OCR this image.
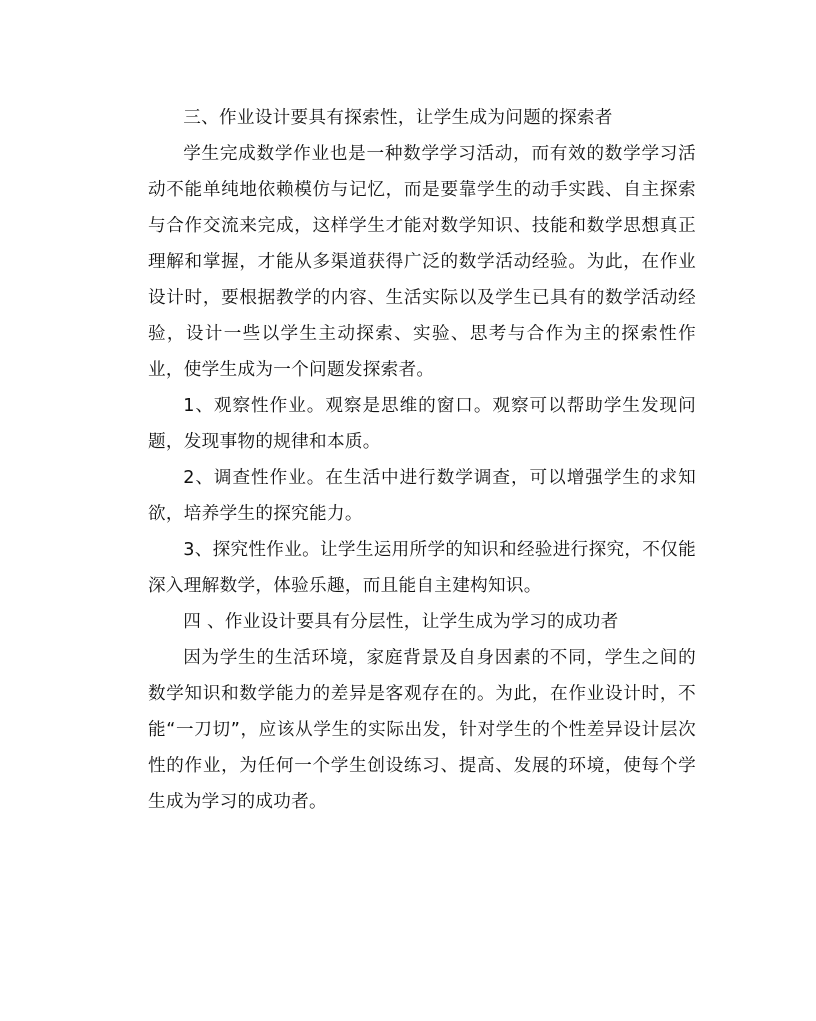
三、作业设计要具有探索性，让学生成为问题的探索者

学生完成数学作业也是一种数学学习活动，而有效的数学学习活动不能单纯地依赖模仿与记忆，而是要靠学生的动手实践、自主探索与合作交流来完成，这样学生才能对数学知识、技能和数学思想真正理解和掌握，才能从多渠道获得广泛的数学活动经验。为此，在作业设计时，要根据教学的内容、生活实际以及学生已具有的数学活动经验，设计一些以学生主动探索、实验、思考与合作为主的探索性作业，使学生成为一个问题发探索者。

1、观察性作业。观察是思维的窗口。观察可以帮助学生发现问题，发现事物的规律和本质。

2、调查性作业。在生活中进行数学调查，可以增强学生的求知欲，培养学生的探究能力。

3、探究性作业。让学生运用所学的知识和经验进行探究，不仅能深入理解数学，体验乐趣，而且能自主建构知识。

四 、作业设计要具有分层性，让学生成为学习的成功者

因为学生的生活环境，家庭背景及自身因素的不同，学生之间的数学知识和数学能力的差异是客观存在的。为此，在作业设计时，不能“一刀切”，应该从学生的实际出发，针对学生的个性差异设计层次性的作业，为任何一个学生创设练习、提高、发展的环境，使每个学生成为学习的成功者。
